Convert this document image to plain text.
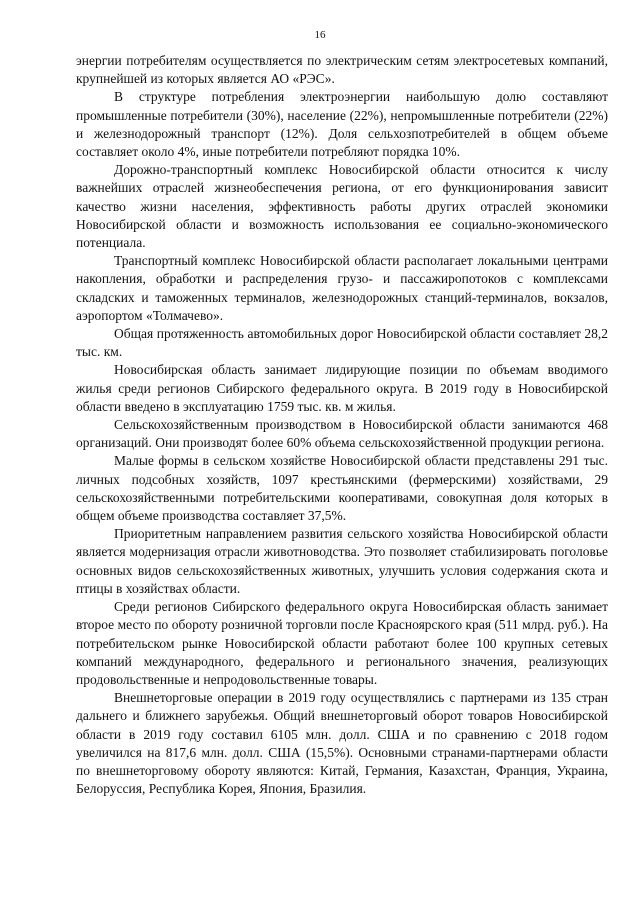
16

энергии потребителям осуществляется по электрическим сетям электросетевых компаний, крупнейшей из которых является АО «РЭС».

В структуре потребления электроэнергии наибольшую долю составляют промышленные потребители (30%), население (22%), непромышленные потребители (22%) и железнодорожный транспорт (12%). Доля сельхозпотребителей в общем объеме составляет около 4%, иные потребители потребляют порядка 10%.

Дорожно-транспортный комплекс Новосибирской области относится к числу важнейших отраслей жизнеобеспечения региона, от его функционирования зависит качество жизни населения, эффективность работы других отраслей экономики Новосибирской области и возможность использования ее социально-экономического потенциала.

Транспортный комплекс Новосибирской области располагает локальными центрами накопления, обработки и распределения грузо- и пассажиропотоков с комплексами складских и таможенных терминалов, железнодорожных станций-терминалов, вокзалов, аэропортом «Толмачево».

Общая протяженность автомобильных дорог Новосибирской области составляет 28,2 тыс. км.

Новосибирская область занимает лидирующие позиции по объемам вводимого жилья среди регионов Сибирского федерального округа. В 2019 году в Новосибирской области введено в эксплуатацию 1759 тыс. кв. м жилья.

Сельскохозяйственным производством в Новосибирской области занимаются 468 организаций. Они производят более 60% объема сельскохозяйственной продукции региона.

Малые формы в сельском хозяйстве Новосибирской области представлены 291 тыс. личных подсобных хозяйств, 1097 крестьянскими (фермерскими) хозяйствами, 29 сельскохозяйственными потребительскими кооперативами, совокупная доля которых в общем объеме производства составляет 37,5%.

Приоритетным направлением развития сельского хозяйства Новосибирской области является модернизация отрасли животноводства. Это позволяет стабилизировать поголовье основных видов сельскохозяйственных животных, улучшить условия содержания скота и птицы в хозяйствах области.

Среди регионов Сибирского федерального округа Новосибирская область занимает второе место по обороту розничной торговли после Красноярского края (511 млрд. руб.). На потребительском рынке Новосибирской области работают более 100 крупных сетевых компаний международного, федерального и регионального значения, реализующих продовольственные и непродовольственные товары.

Внешнеторговые операции в 2019 году осуществлялись с партнерами из 135 стран дальнего и ближнего зарубежья. Общий внешнеторговый оборот товаров Новосибирской области в 2019 году составил 6105 млн. долл. США и по сравнению с 2018 годом увеличился на 817,6 млн. долл. США (15,5%). Основными странами-партнерами области по внешнеторговому обороту являются: Китай, Германия, Казахстан, Франция, Украина, Белоруссия, Республика Корея, Япония, Бразилия.
